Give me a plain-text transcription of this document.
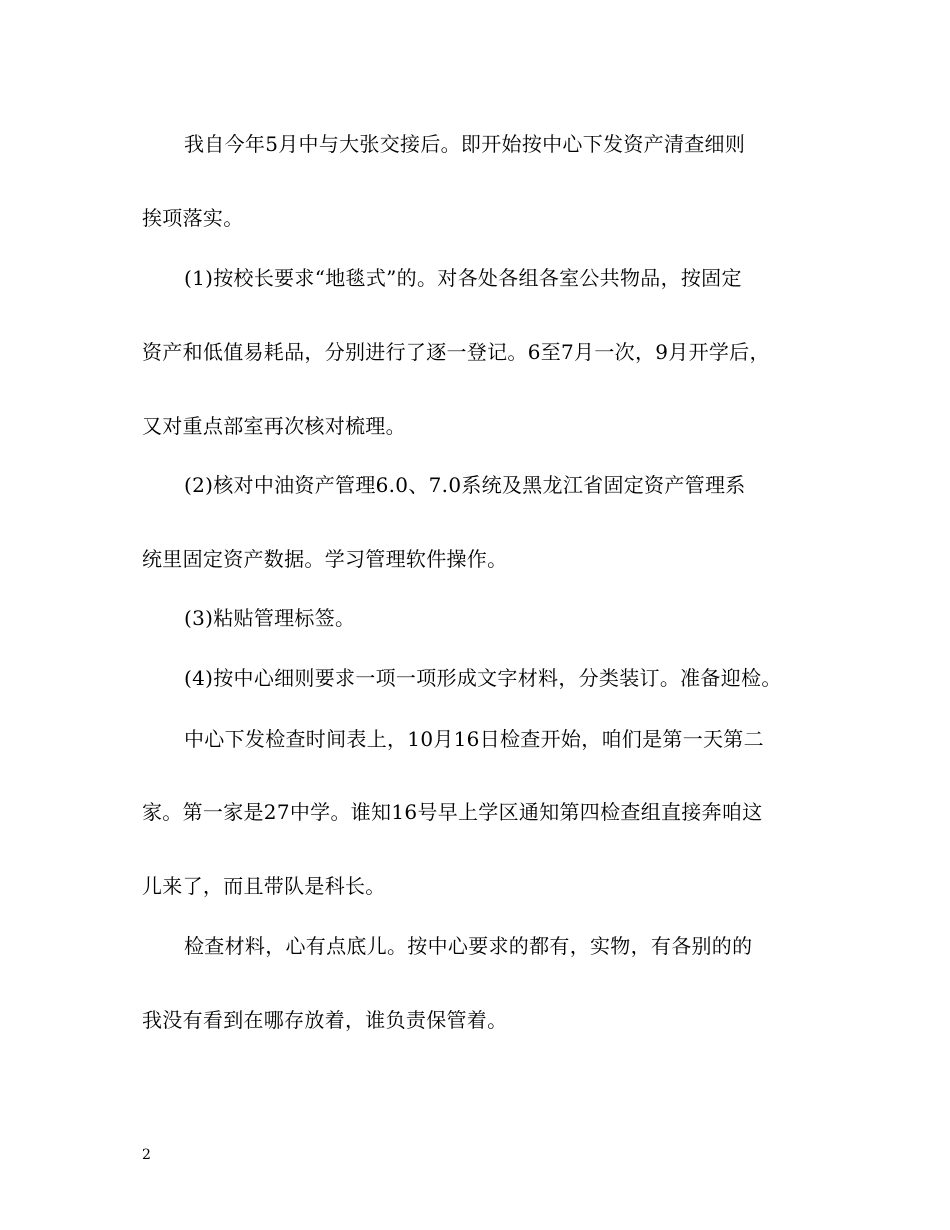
我自今年5月中与大张交接后。即开始按中心下发资产清查细则
挨项落实。
(1)按校长要求“地毯式”的。对各处各组各室公共物品，按固定
资产和低值易耗品，分别进行了逐一登记。6至7月一次，9月开学后，
又对重点部室再次核对梳理。
(2)核对中油资产管理6.0、7.0系统及黑龙江省固定资产管理系
统里固定资产数据。学习管理软件操作。
(3)粘贴管理标签。
(4)按中心细则要求一项一项形成文字材料，分类装订。准备迎检。
中心下发检查时间表上，10月16日检查开始，咱们是第一天第二
家。第一家是27中学。谁知16号早上学区通知第四检查组直接奔咱这
儿来了，而且带队是科长。
检查材料，心有点底儿。按中心要求的都有，实物，有各别的的
我没有看到在哪存放着，谁负责保管着。
2
